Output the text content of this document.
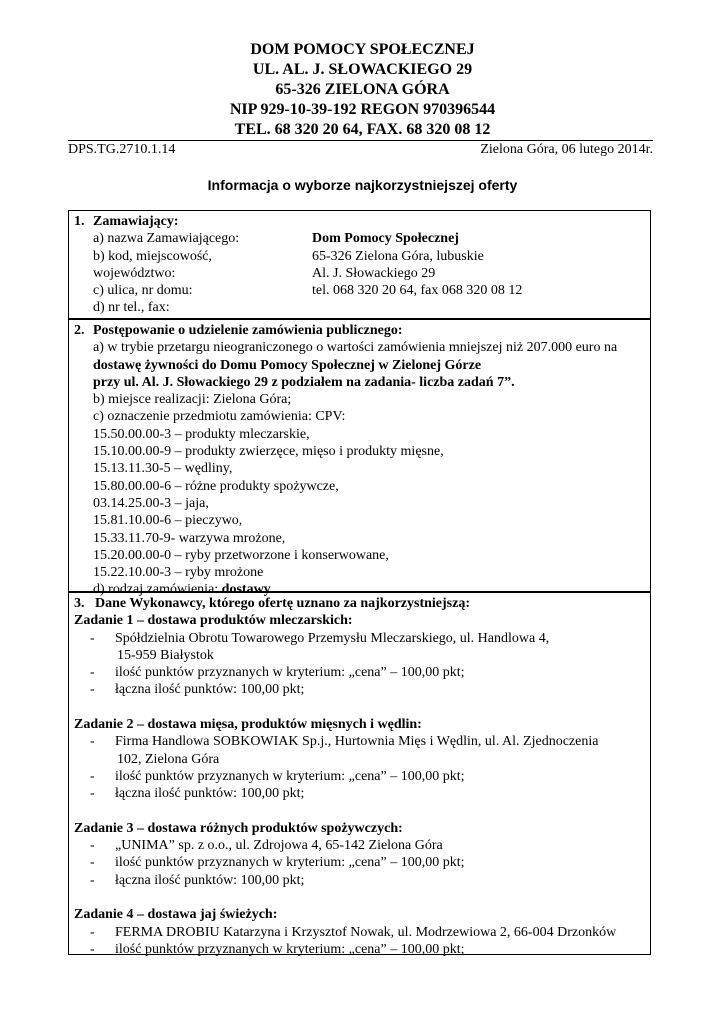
DOM POMOCY SPOŁECZNEJ
UL. AL. J. SŁOWACKIEGO 29
65-326 ZIELONA GÓRA
NIP 929-10-39-192 REGON 970396544
TEL. 68 320 20 64, FAX. 68 320 08 12
DPS.TG.2710.1.14	Zielona Góra, 06 lutego 2014r.
Informacja o wyborze najkorzystniejszej oferty
1. Zamawiający:
a) nazwa Zamawiającego:	Dom Pomocy Społecznej
b) kod, miejscowość,	65-326 Zielona Góra, lubuskie
województwo:	Al. J. Słowackiego 29
c) ulica, nr domu:	tel. 068 320 20 64, fax 068 320 08 12
d) nr tel., fax:
2. Postępowanie o udzielenie zamówienia publicznego:
a) w trybie przetargu nieograniczonego o wartości zamówienia mniejszej niż 207.000 euro na
dostawę żywności do Domu Pomocy Społecznej w Zielonej Górze
przy ul. Al. J. Słowackiego 29 z podziałem na zadania- liczba zadań 7”.
b) miejsce realizacji: Zielona Góra;
c) oznaczenie przedmiotu zamówienia: CPV:
15.50.00.00-3 – produkty mleczarskie,
15.10.00.00-9 – produkty zwierzęce, mięso i produkty mięsne,
15.13.11.30-5 – wędliny,
15.80.00.00-6 – różne produkty spożywcze,
03.14.25.00-3 – jaja,
15.81.10.00-6 – pieczywo,
15.33.11.70-9- warzywa mrożone,
15.20.00.00-0 – ryby przetworzone i konserwowane,
15.22.10.00-3 – ryby mrożone
d) rodzaj zamówienia: dostawy
3. Dane Wykonawcy, którego ofertę uznano za najkorzystniejszą:
Zadanie 1 – dostawa produktów mleczarskich:
- Spółdzielnia Obrotu Towarowego Przemysłu Mleczarskiego, ul. Handlowa 4,
15-959 Białystok
- ilość punktów przyznanych w kryterium: „cena” – 100,00 pkt;
- łączna ilość punktów: 100,00 pkt;
Zadanie 2 – dostawa mięsa, produktów mięsnych i wędlin:
- Firma Handlowa SOBKOWIAK Sp.j., Hurtownia Mięs i Wędlin, ul. Al. Zjednoczenia
102, Zielona Góra
- ilość punktów przyznanych w kryterium: „cena” – 100,00 pkt;
- łączna ilość punktów: 100,00 pkt;
Zadanie 3 – dostawa różnych produktów spożywczych:
- „UNIMA” sp. z o.o., ul. Zdrojowa 4, 65-142 Zielona Góra
- ilość punktów przyznanych w kryterium: „cena” – 100,00 pkt;
- łączna ilość punktów: 100,00 pkt;
Zadanie 4 – dostawa jaj świeżych:
- FERMA DROBIU Katarzyna i Krzysztof Nowak, ul. Modrzewiowa 2, 66-004 Drzonków
- ilość punktów przyznanych w kryterium: „cena” – 100,00 pkt;
